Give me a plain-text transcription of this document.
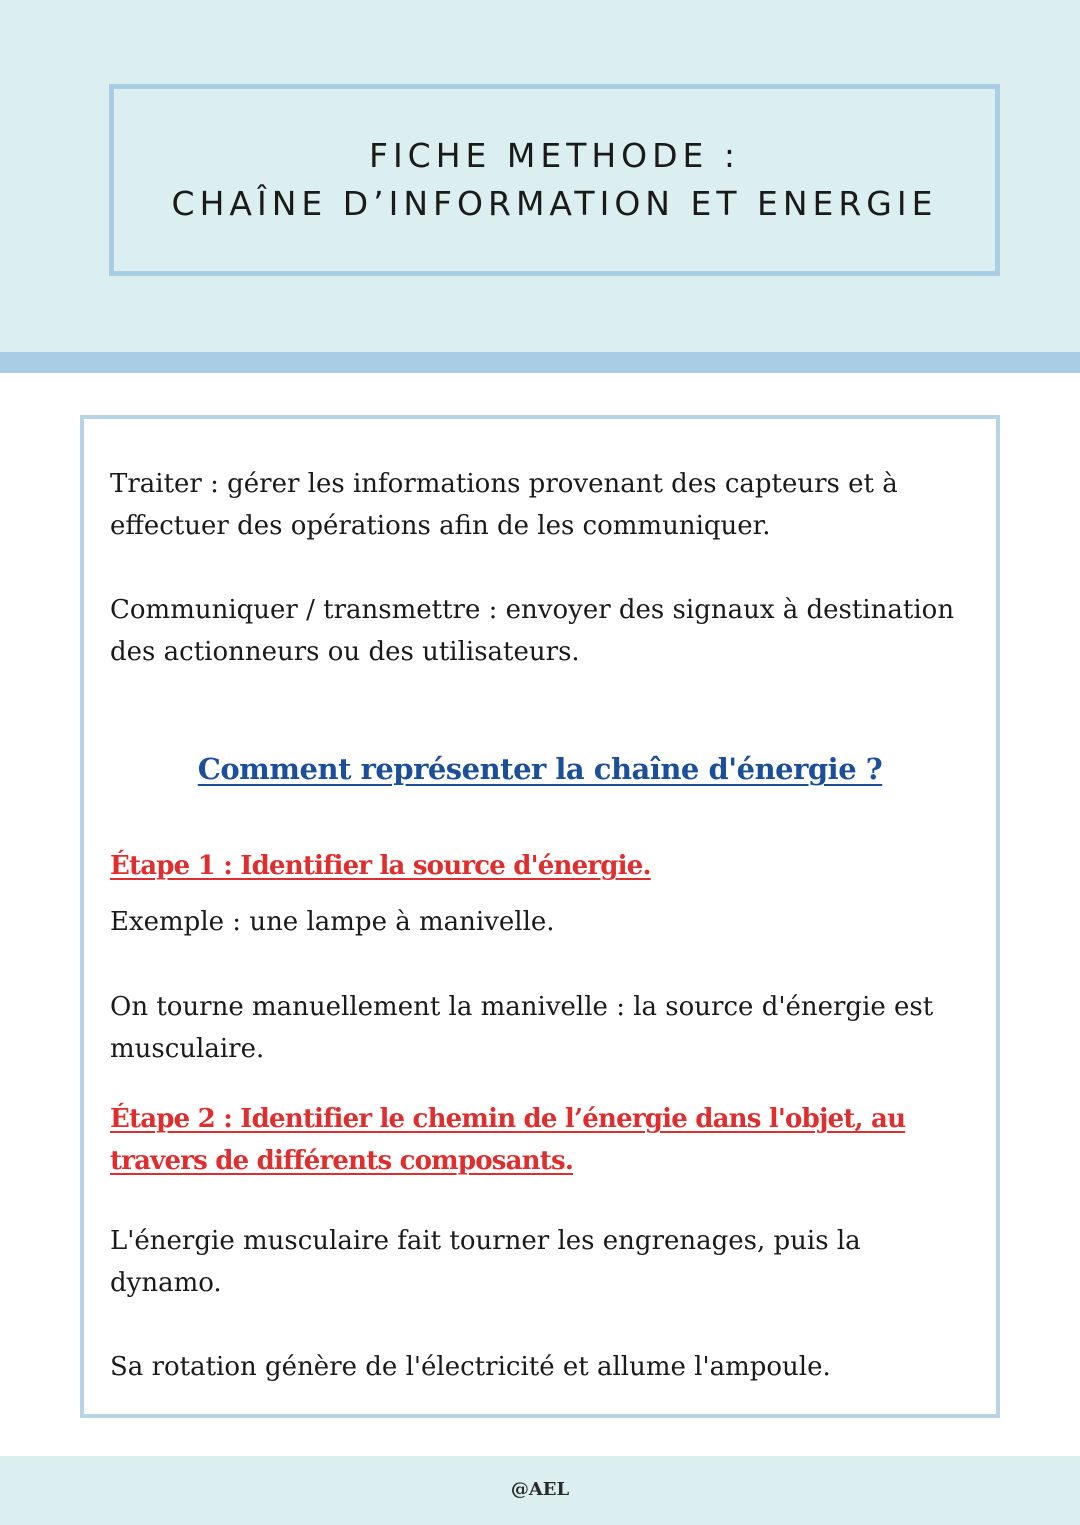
FICHE METHODE :
CHAÎNE D’INFORMATION ET ENERGIE

Traiter : gérer les informations provenant des capteurs et à effectuer des opérations afin de les communiquer.

Communiquer / transmettre : envoyer des signaux à destination des actionneurs ou des utilisateurs.

Comment représenter la chaîne d'énergie ?
Étape 1 : Identifier la source d'énergie.

Exemple : une lampe à manivelle.

On tourne manuellement la manivelle : la source d'énergie est musculaire.

Étape 2 : Identifier le chemin de l’énergie dans l'objet, au travers de différents composants.

L'énergie musculaire fait tourner les engrenages, puis la dynamo.

Sa rotation génère de l'électricité et allume l'ampoule.

@AEL
